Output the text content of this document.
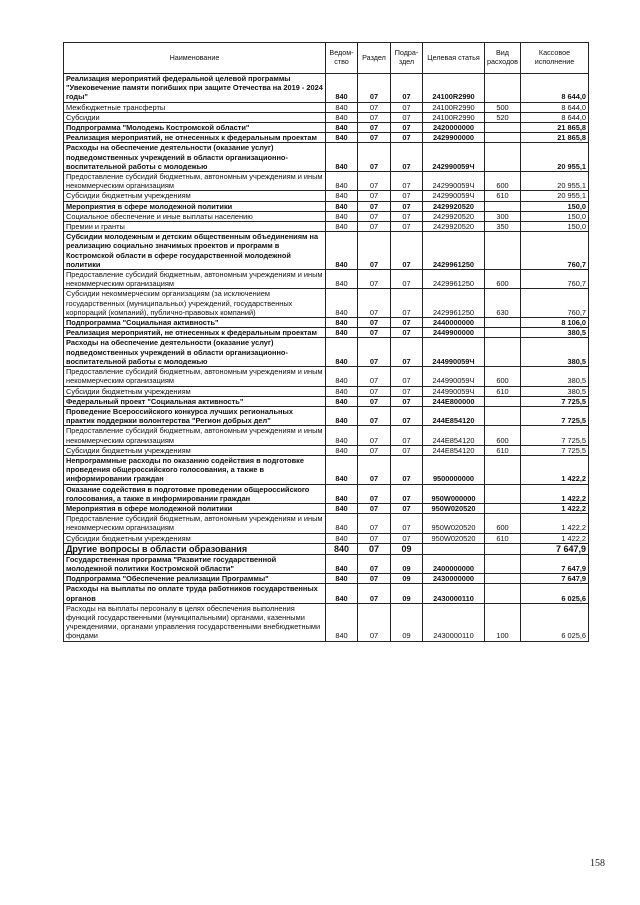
Наименование	Ведом-ство	Раздел	Подра-здел	Целевая статья	Вид расходов	Кассовое исполнение
Реализация мероприятий федеральной целевой программы "Увековечение памяти погибших при защите Отечества на 2019 - 2024 годы"	840	07	07	24100R2990		8 644,0
Межбюджетные трансферты	840	07	07	24100R2990	500	8 644,0
Субсидии	840	07	07	24100R2990	520	8 644,0
Подпрограмма "Молодежь Костромской области"	840	07	07	2420000000		21 865,8
Реализация мероприятий, не отнесенных к федеральным проектам	840	07	07	2429900000		21 865,8
Расходы на обеспечение деятельности (оказание услуг) подведомственных учреждений в области организационно-воспитательной работы с молодежью	840	07	07	242990059Ч		20 955,1
Предоставление субсидий бюджетным, автономным учреждениям и иным некоммерческим организациям	840	07	07	242990059Ч	600	20 955,1
Субсидии бюджетным учреждениям	840	07	07	242990059Ч	610	20 955,1
Мероприятия в сфере молодежной политики	840	07	07	2429920520		150,0
Социальное обеспечение и иные выплаты населению	840	07	07	2429920520	300	150,0
Премии и гранты	840	07	07	2429920520	350	150,0
Субсидии молодежным и детским общественным объединениям на реализацию социально значимых проектов и программ в Костромской области в сфере государственной молодежной политики	840	07	07	2429961250		760,7
Предоставление субсидий бюджетным, автономным учреждениям и иным некоммерческим организациям	840	07	07	2429961250	600	760,7
Субсидии некоммерческим организациям (за исключением государственных (муниципальных) учреждений, государственных корпораций (компаний), публично-правовых компаний)	840	07	07	2429961250	630	760,7
Подпрограмма "Социальная активность"	840	07	07	2440000000		8 106,0
Реализация мероприятий, не отнесенных к федеральным проектам	840	07	07	2449900000		380,5
Расходы на обеспечение деятельности (оказание услуг) подведомственных учреждений в области организационно-воспитательной работы с молодежью	840	07	07	244990059Ч		380,5
Предоставление субсидий бюджетным, автономным учреждениям и иным некоммерческим организациям	840	07	07	244990059Ч	600	380,5
Субсидии бюджетным учреждениям	840	07	07	244990059Ч	610	380,5
Федеральный проект "Социальная активность"	840	07	07	244E800000		7 725,5
Проведение Всероссийского конкурса лучших региональных практик поддержки волонтерства "Регион добрых дел"	840	07	07	244E854120		7 725,5
Предоставление субсидий бюджетным, автономным учреждениям и иным некоммерческим организациям	840	07	07	244E854120	600	7 725,5
Субсидии бюджетным учреждениям	840	07	07	244E854120	610	7 725,5
Непрограммные расходы по оказанию содействия в подготовке проведения общероссийского голосования, а также в информировании граждан	840	07	07	9500000000		1 422,2
Оказание содействия в подготовке проведении общероссийского голосования, а также в информировании граждан	840	07	07	950W000000		1 422,2
Мероприятия в сфере молодежной политики	840	07	07	950W020520		1 422,2
Предоставление субсидий бюджетным, автономным учреждениям и иным некоммерческим организациям	840	07	07	950W020520	600	1 422,2
Субсидии бюджетным учреждениям	840	07	07	950W020520	610	1 422,2
Другие вопросы в области образования	840	07	09			7 647,9
Государственная программа "Развитие государственной молодежной политики Костромской области"	840	07	09	2400000000		7 647,9
Подпрограмма "Обеспечение реализации Программы"	840	07	09	2430000000		7 647,9
Расходы на выплаты по оплате труда работников государственных органов	840	07	09	2430000110		6 025,6
Расходы на выплаты персоналу в целях обеспечения выполнения функций государственными (муниципальными) органами, казенными учреждениями, органами управления государственными внебюджетными фондами	840	07	09	2430000110	100	6 025,6
158
